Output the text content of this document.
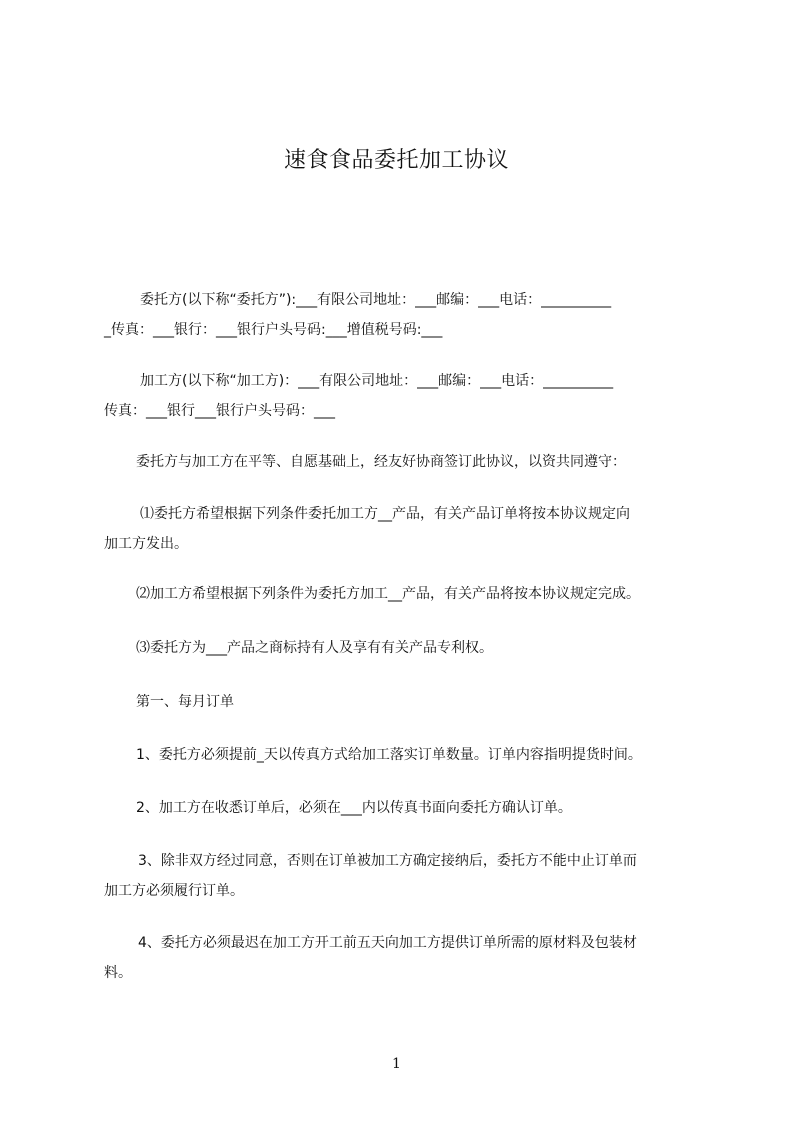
速食食品委托加工协议
委托方(以下称“委托方”):___有限公司地址：___邮编：___电话：__________
_传真：___银行：___银行户头号码:___增值税号码:___
加工方(以下称“加工方)：___有限公司地址：___邮编：___电话：__________
传真：___银行___银行户头号码：___
委托方与加工方在平等、自愿基础上，经友好协商签订此协议，以资共同遵守：
⑴委托方希望根据下列条件委托加工方__产品，有关产品订单将按本协议规定向
加工方发出。
⑵加工方希望根据下列条件为委托方加工__产品，有关产品将按本协议规定完成。
⑶委托方为___产品之商标持有人及享有有关产品专利权。
第一、每月订单
1、委托方必须提前_天以传真方式给加工落实订单数量。订单内容指明提货时间。
2、加工方在收悉订单后，必须在___内以传真书面向委托方确认订单。
3、除非双方经过同意，否则在订单被加工方确定接纳后，委托方不能中止订单而
加工方必须履行订单。
4、委托方必须最迟在加工方开工前五天向加工方提供订单所需的原材料及包装材
料。
1
